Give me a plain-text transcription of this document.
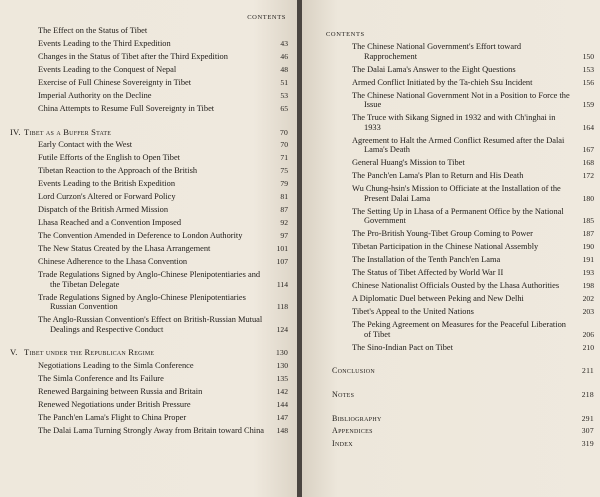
CONTENTS
The Effect on the Status of Tibet
Events Leading to the Third Expedition	43
Changes in the Status of Tibet after the Third Expedition	46
Events Leading to the Conquest of Nepal	48
Exercise of Full Chinese Sovereignty in Tibet	51
Imperial Authority on the Decline	53
China Attempts to Resume Full Sovereignty in Tibet	65
IV. Tibet as a Buffer State	70
Early Contact with the West	70
Futile Efforts of the English to Open Tibet	71
Tibetan Reaction to the Approach of the British	75
Events Leading to the British Expedition	79
Lord Curzon's Altered or Forward Policy	81
Dispatch of the British Armed Mission	87
Lhasa Reached and a Convention Imposed	92
The Convention Amended in Deference to London Authority	97
The New Status Created by the Lhasa Arrangement	101
Chinese Adherence to the Lhasa Convention	107
Trade Regulations Signed by Anglo-Chinese Plenipotentiaries and the Tibetan Delegate	114
Trade Regulations Signed by Anglo-Chinese Plenipotentiaries Russian Convention	118
The Anglo-Russian Convention's Effect on British-Russian Mutual Dealings and Respective Conduct	124
V. Tibet under the Republican Regime	130
Negotiations Leading to the Simla Conference	130
The Simla Conference and Its Failure	135
Renewed Bargaining between Russia and Britain	142
Renewed Negotiations under British Pressure	144
The Panch'en Lama's Flight to China Proper	147
The Dalai Lama Turning Strongly Away from Britain toward China	148
CONTENTS
The Chinese National Government's Effort toward Rapprochement	150
The Dalai Lama's Answer to the Eight Questions	153
Armed Conflict Initiated by the Ta-chieh Ssu Incident	156
The Chinese National Government Not in a Position to Force the Issue	159
The Truce with Sikang Signed in 1932 and with Ch'inghai in 1933	164
Agreement to Halt the Armed Conflict Resumed after the Dalai Lama's Death	167
General Huang's Mission to Tibet	168
The Panch'en Lama's Plan to Return and His Death	172
Wu Chung-hsin's Mission to Officiate at the Installation of the Present Dalai Lama	180
The Setting Up in Lhasa of a Permanent Office by the National Government	185
The Pro-British Young-Tibet Group Coming to Power	187
Tibetan Participation in the Chinese National Assembly	190
The Installation of the Tenth Panch'en Lama	191
The Status of Tibet Affected by World War II	193
Chinese Nationalist Officials Ousted by the Lhasa Authorities	198
A Diplomatic Duel between Peking and New Delhi	202
Tibet's Appeal to the United Nations	203
The Peking Agreement on Measures for the Peaceful Liberation of Tibet	206
The Sino-Indian Pact on Tibet	210
Conclusion	211
Notes	218
Bibliography	291
Appendices	307
Index	319
